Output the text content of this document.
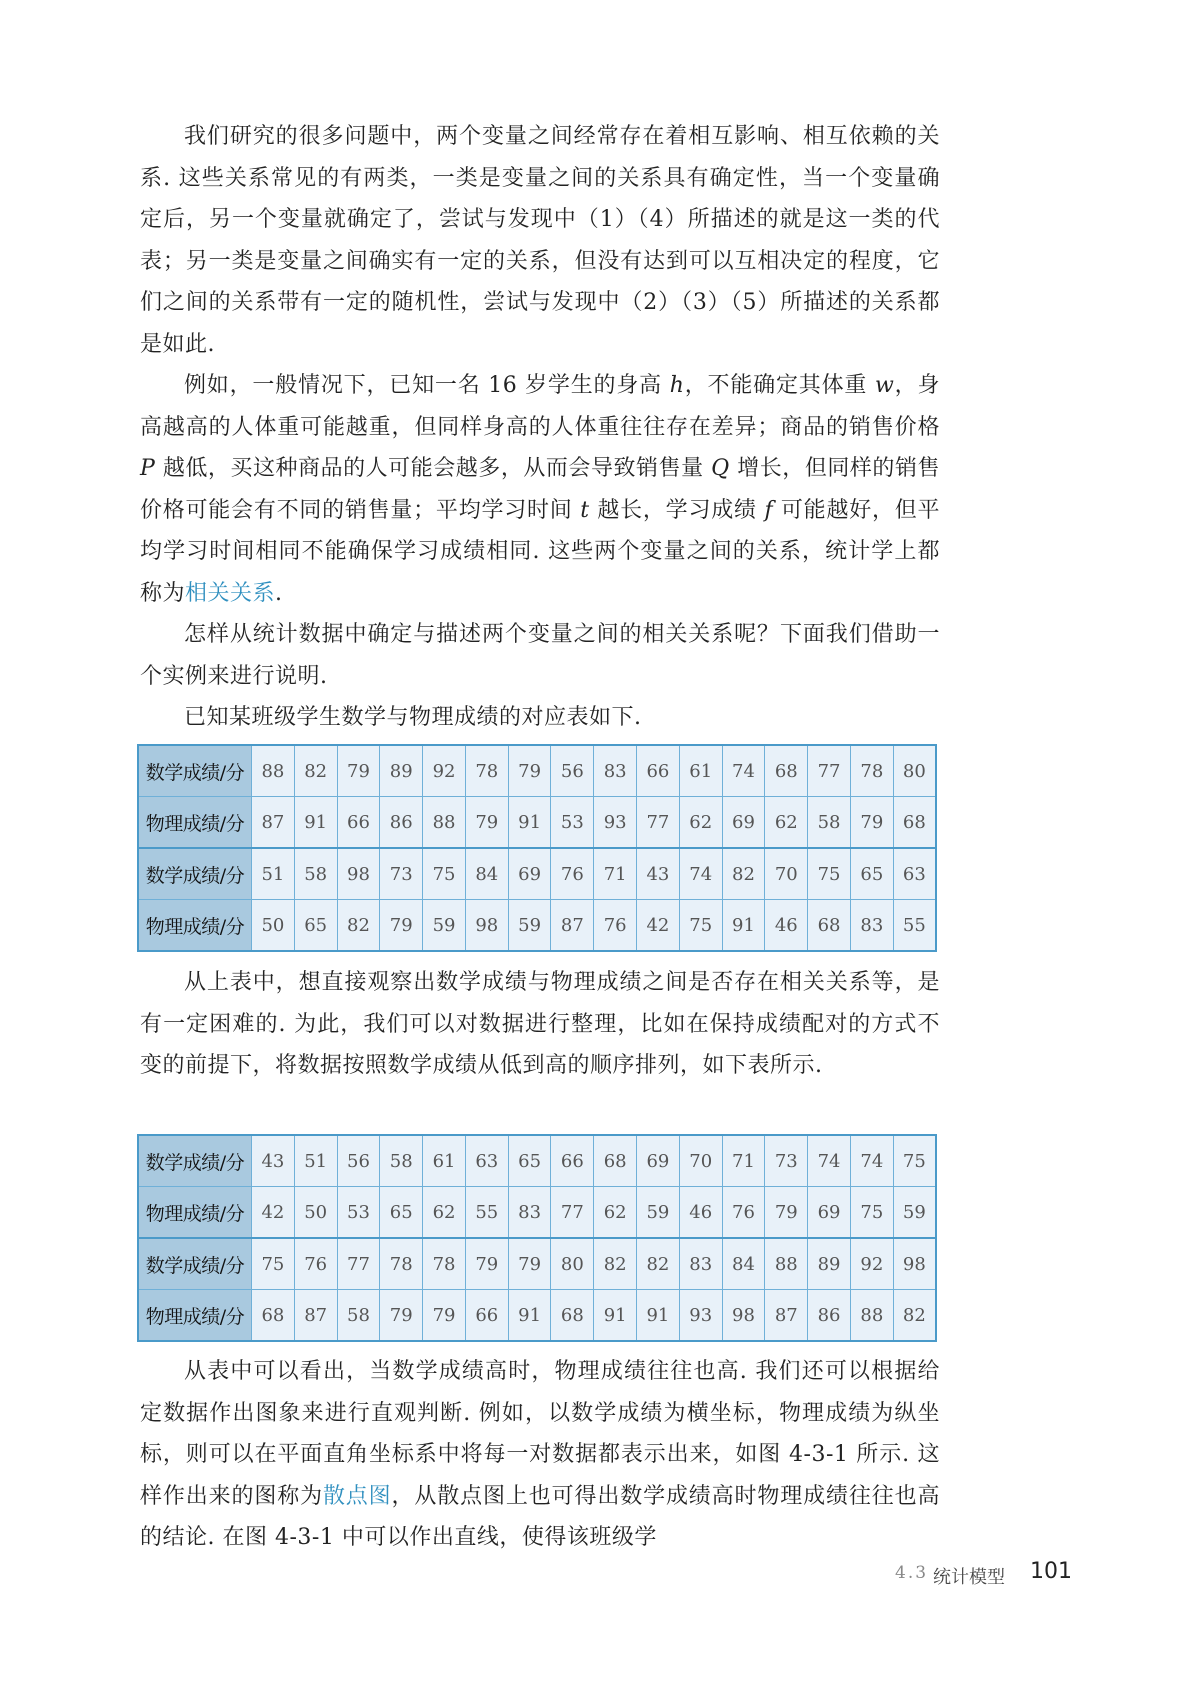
我们研究的很多问题中，两个变量之间经常存在着相互影响、相互依赖的关系. 这些关系常见的有两类，一类是变量之间的关系具有确定性，当一个变量确定后，另一个变量就确定了，尝试与发现中（1）（4）所描述的就是这一类的代表；另一类是变量之间确实有一定的关系，但没有达到可以互相决定的程度，它们之间的关系带有一定的随机性，尝试与发现中（2）（3）（5）所描述的关系都是如此.

例如，一般情况下，已知一名 16 岁学生的身高 h，不能确定其体重 w，身高越高的人体重可能越重，但同样身高的人体重往往存在差异；商品的销售价格 P 越低，买这种商品的人可能会越多，从而会导致销售量 Q 增长，但同样的销售价格可能会有不同的销售量；平均学习时间 t 越长，学习成绩 f 可能越好，但平均学习时间相同不能确保学习成绩相同. 这些两个变量之间的关系，统计学上都称为相关关系.

怎样从统计数据中确定与描述两个变量之间的相关关系呢？下面我们借助一个实例来进行说明.

已知某班级学生数学与物理成绩的对应表如下.

数学成绩/分	88	82	79	89	92	78	79	56	83	66	61	74	68	77	78	80
物理成绩/分	87	91	66	86	88	79	91	53	93	77	62	69	62	58	79	68
数学成绩/分	51	58	98	73	75	84	69	76	71	43	74	82	70	75	65	63
物理成绩/分	50	65	82	79	59	98	59	87	76	42	75	91	46	68	83	55

从上表中，想直接观察出数学成绩与物理成绩之间是否存在相关关系等，是有一定困难的. 为此，我们可以对数据进行整理，比如在保持成绩配对的方式不变的前提下，将数据按照数学成绩从低到高的顺序排列，如下表所示.

数学成绩/分	43	51	56	58	61	63	65	66	68	69	70	71	73	74	74	75
物理成绩/分	42	50	53	65	62	55	83	77	62	59	46	76	79	69	75	59
数学成绩/分	75	76	77	78	78	79	79	80	82	82	83	84	88	89	92	98
物理成绩/分	68	87	58	79	79	66	91	68	91	91	93	98	87	86	88	82

从表中可以看出，当数学成绩高时，物理成绩往往也高. 我们还可以根据给定数据作出图象来进行直观判断. 例如，以数学成绩为横坐标，物理成绩为纵坐标，则可以在平面直角坐标系中将每一对数据都表示出来，如图 4-3-1 所示. 这样作出来的图称为散点图，从散点图上也可得出数学成绩高时物理成绩往往也高的结论. 在图 4-3-1 中可以作出直线，使得该班级学

4.3 统计模型 101
